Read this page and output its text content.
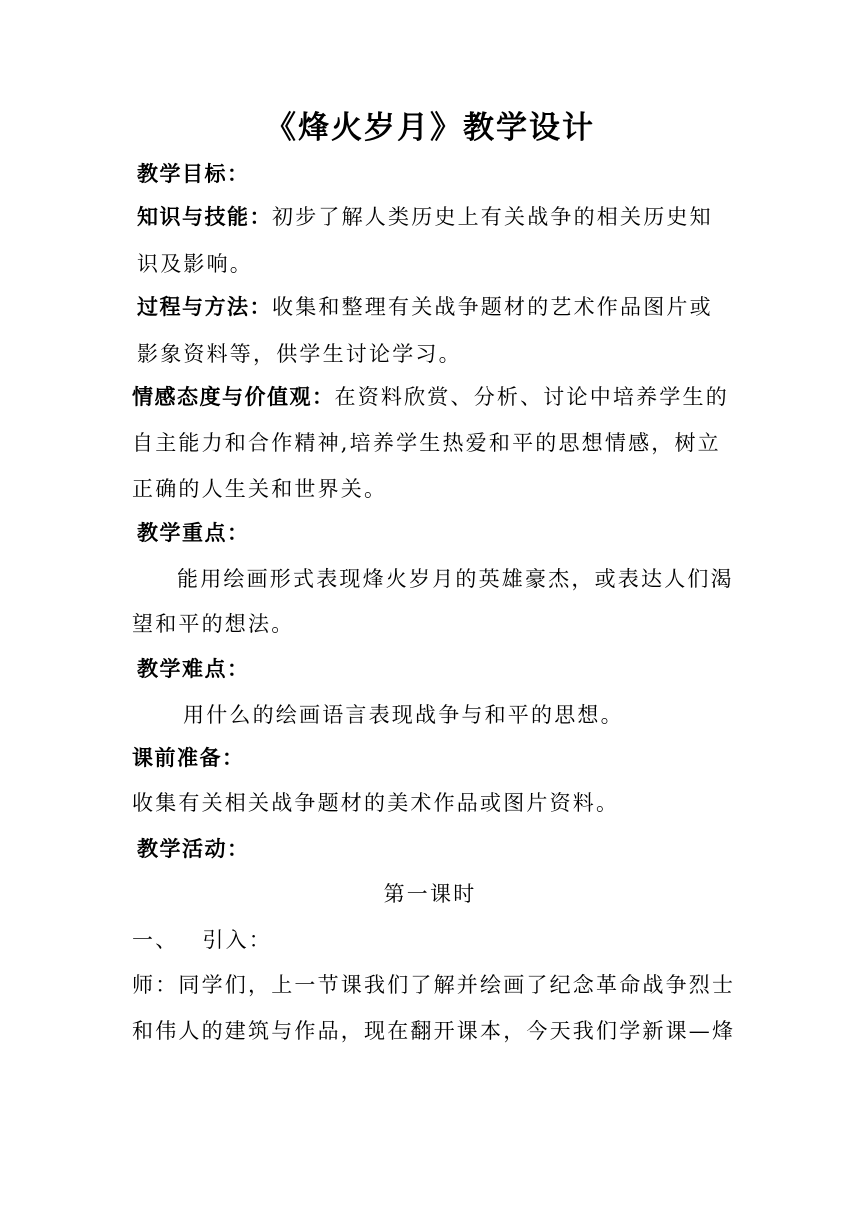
《烽火岁月》教学设计
教学目标：
知识与技能：初步了解人类历史上有关战争的相关历史知
识及影响。
过程与方法：收集和整理有关战争题材的艺术作品图片或
影象资料等，供学生讨论学习。
情感态度与价值观：在资料欣赏、分析、讨论中培养学生的
自主能力和合作精神,培养学生热爱和平的思想情感，树立
正确的人生关和世界关。
教学重点：
能用绘画形式表现烽火岁月的英雄豪杰，或表达人们渴
望和平的想法。
教学难点：
用什么的绘画语言表现战争与和平的思想。
课前准备：
收集有关相关战争题材的美术作品或图片资料。
教学活动：
第一课时
一、 引入：
师：同学们，上一节课我们了解并绘画了纪念革命战争烈士
和伟人的建筑与作品，现在翻开课本，今天我们学新课—烽
